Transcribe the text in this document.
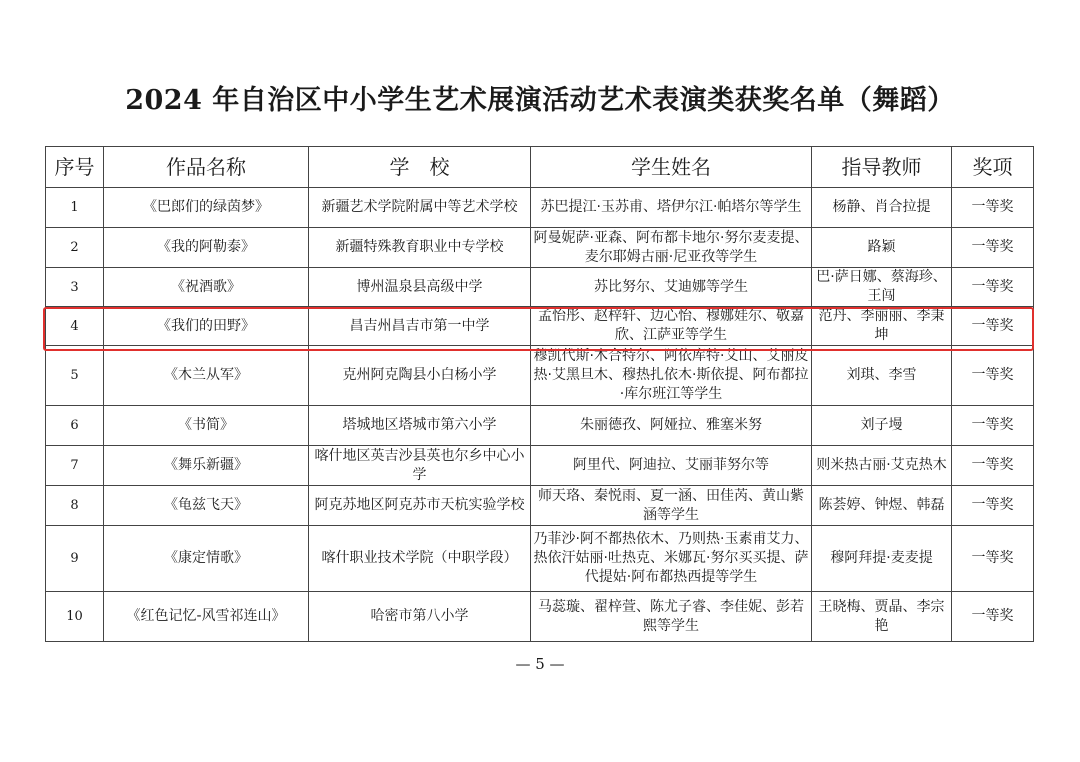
2024 年自治区中小学生艺术展演活动艺术表演类获奖名单（舞蹈）
序号	作品名称	学　校	学生姓名	指导教师	奖项
1	《巴郎们的绿茵梦》	新疆艺术学院附属中等艺术学校	苏巴提江·玉苏甫、塔伊尔江·帕塔尔等学生	杨静、肖合拉提	一等奖
2	《我的阿勒泰》	新疆特殊教育职业中专学校	阿曼妮萨·亚森、阿布都卡地尔·努尔麦麦提、麦尔耶姆古丽·尼亚孜等学生	路颖	一等奖
3	《祝酒歌》	博州温泉县高级中学	苏比努尔、艾迪娜等学生	巴·萨日娜、蔡海珍、王闯	一等奖
4	《我们的田野》	昌吉州昌吉市第一中学	孟怡彤、赵梓轩、边心怡、穆娜娃尔、敬嘉欣、江萨亚等学生	范丹、李丽丽、李秉坤	一等奖
5	《木兰从军》	克州阿克陶县小白杨小学	穆凯代斯·木合特尔、阿依库特·艾山、艾丽皮热·艾黑旦木、穆热扎依木·斯依提、阿布都拉·库尔班江等学生	刘琪、李雪	一等奖
6	《书简》	塔城地区塔城市第六小学	朱丽德孜、阿娅拉、雅塞米努	刘子墁	一等奖
7	《舞乐新疆》	喀什地区英吉沙县英也尔乡中心小学	阿里代、阿迪拉、艾丽菲努尔等	则米热古丽·艾克热木	一等奖
8	《龟兹飞天》	阿克苏地区阿克苏市天杭实验学校	师天珞、秦悦雨、夏一涵、田佳芮、黄山紫涵等学生	陈荟婷、钟煜、韩磊	一等奖
9	《康定情歌》	喀什职业技术学院（中职学段）	乃菲沙·阿不都热依木、乃则热·玉素甫艾力、热依汗姑丽·吐热克、米娜瓦·努尔买买提、萨代提姑·阿布都热西提等学生	穆阿拜提·麦麦提	一等奖
10	《红色记忆-风雪祁连山》	哈密市第八小学	马蕊璇、翟梓萱、陈尤子睿、李佳妮、彭若熙等学生	王晓梅、贾晶、李宗艳	一等奖
— 5 —
